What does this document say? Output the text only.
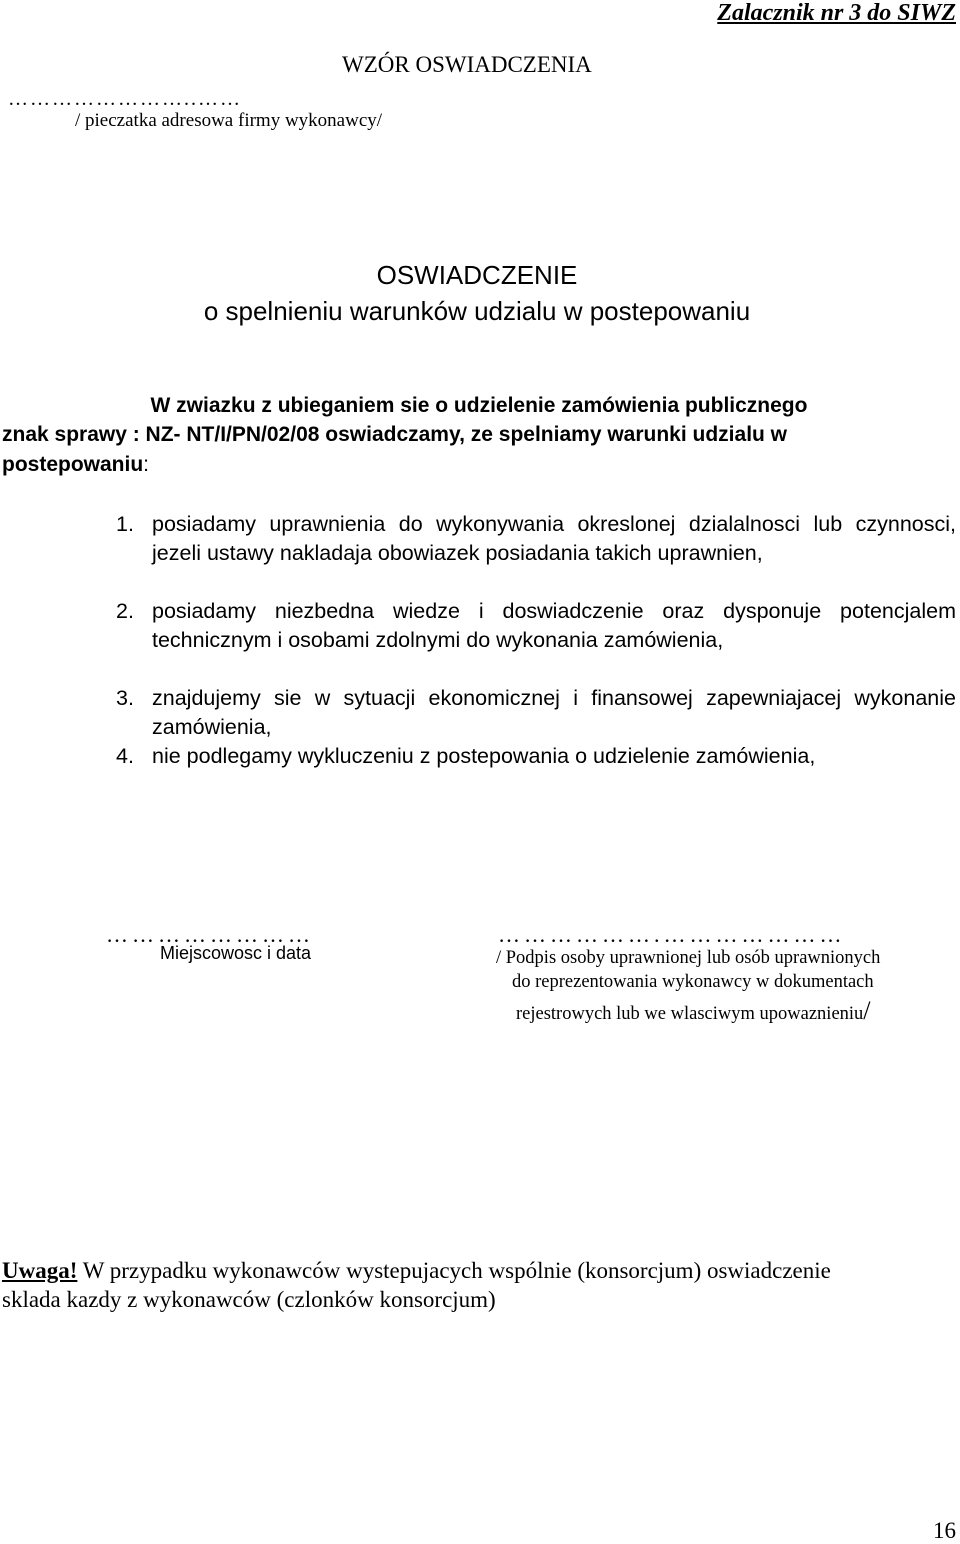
Zalacznik nr 3 do SIWZ
WZÓR OSWIADCZENIA
……………………..……
/ pieczatka adresowa firmy wykonawcy/
OSWIADCZENIE
o spelnieniu warunków udzialu w postepowaniu
W zwiazku z ubieganiem sie o udzielenie zamówienia publicznego
znak sprawy : NZ- NT/I/PN/02/08 oswiadczamy, ze spelniamy warunki udzialu w
postepowaniu:
1. posiadamy uprawnienia do wykonywania okreslonej dzialalnosci lub czynnosci, jezeli ustawy nakladaja obowiazek posiadania takich uprawnien,
2. posiadamy niezbedna wiedze i doswiadczenie oraz dysponuje potencjalem technicznym i osobami zdolnymi do wykonania zamówienia,
3. znajdujemy sie w sytuacji ekonomicznej i finansowej zapewniajacej wykonanie zamówienia,
4. nie podlegamy wykluczeniu z postepowania o udzielenie zamówienia,
……………………
Miejscowosc i data
……………….…………………
/ Podpis osoby uprawnionej lub osób uprawnionych
do reprezentowania wykonawcy w dokumentach
rejestrowych lub we wlasciwym upowaznieniu/
Uwaga! W przypadku wykonawców wystepujacych wspólnie (konsorcjum) oswiadczenie
sklada kazdy z wykonawców (czlonków konsorcjum)
16
